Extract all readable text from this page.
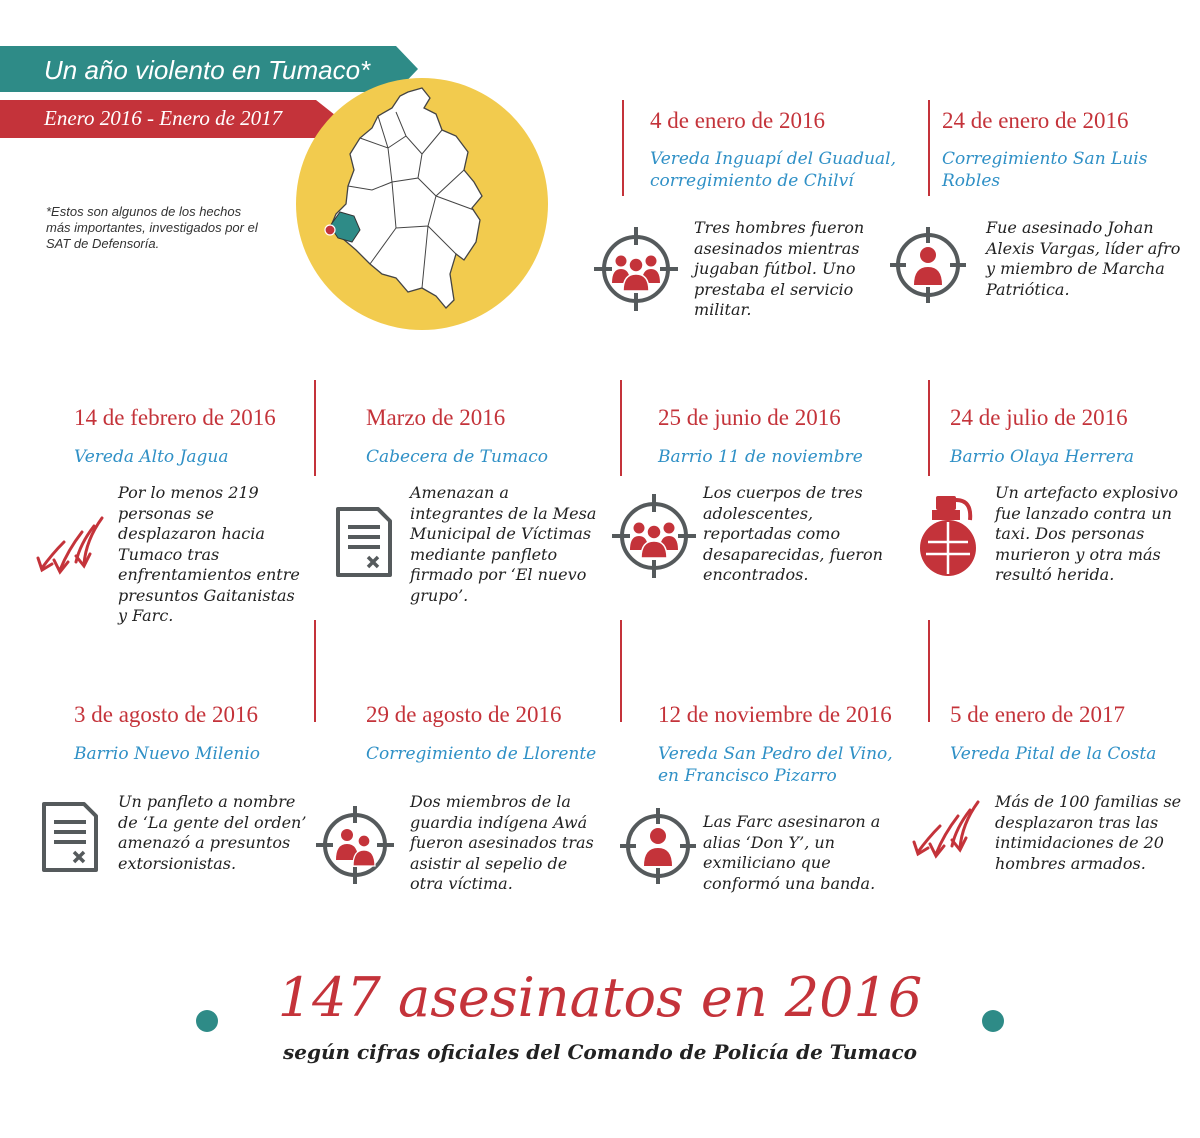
Un año violento en Tumaco*
Enero 2016 - Enero de 2017
*Estos son algunos de los hechos más importantes, investigados por el SAT de Defensoría.
4 de enero de 2016
Vereda Inguapí del Guadual, corregimiento de Chilví
Tres hombres fueron asesinados mientras jugaban fútbol. Uno prestaba el servicio militar.
24 de enero de 2016
Corregimiento San Luis Robles
Fue asesinado Johan Alexis Vargas, líder afro y miembro de Marcha Patriótica.
14 de febrero de 2016
Vereda Alto Jagua
Por lo menos 219 personas se desplazaron hacia Tumaco tras enfrentamientos entre presuntos Gaitanistas y Farc.
Marzo de 2016
Cabecera de Tumaco
Amenazan a integrantes de la Mesa Municipal de Víctimas mediante panfleto firmado por ‘El nuevo grupo’.
25 de junio de 2016
Barrio 11 de noviembre
Los cuerpos de tres adolescentes, reportadas como desaparecidas, fueron encontrados.
24 de julio de 2016
Barrio Olaya Herrera
Un artefacto explosivo fue lanzado contra un taxi. Dos personas murieron y otra más resultó herida.
3 de agosto de 2016
Barrio Nuevo Milenio
Un panfleto a nombre de ‘La gente del orden’ amenazó a presuntos extorsionistas.
29 de agosto de 2016
Corregimiento de Llorente
Dos miembros de la guardia indígena Awá fueron asesinados tras asistir al sepelio de otra víctima.
12 de noviembre de 2016
Vereda San Pedro del Vino, en Francisco Pizarro
Las Farc asesinaron a alias ‘Don Y’, un exmiliciano que conformó una banda.
5 de enero de 2017
Vereda Pital de la Costa
Más de 100 familias se desplazaron tras las intimidaciones de 20 hombres armados.
147 asesinatos en 2016
según cifras oficiales del Comando de Policía de Tumaco
